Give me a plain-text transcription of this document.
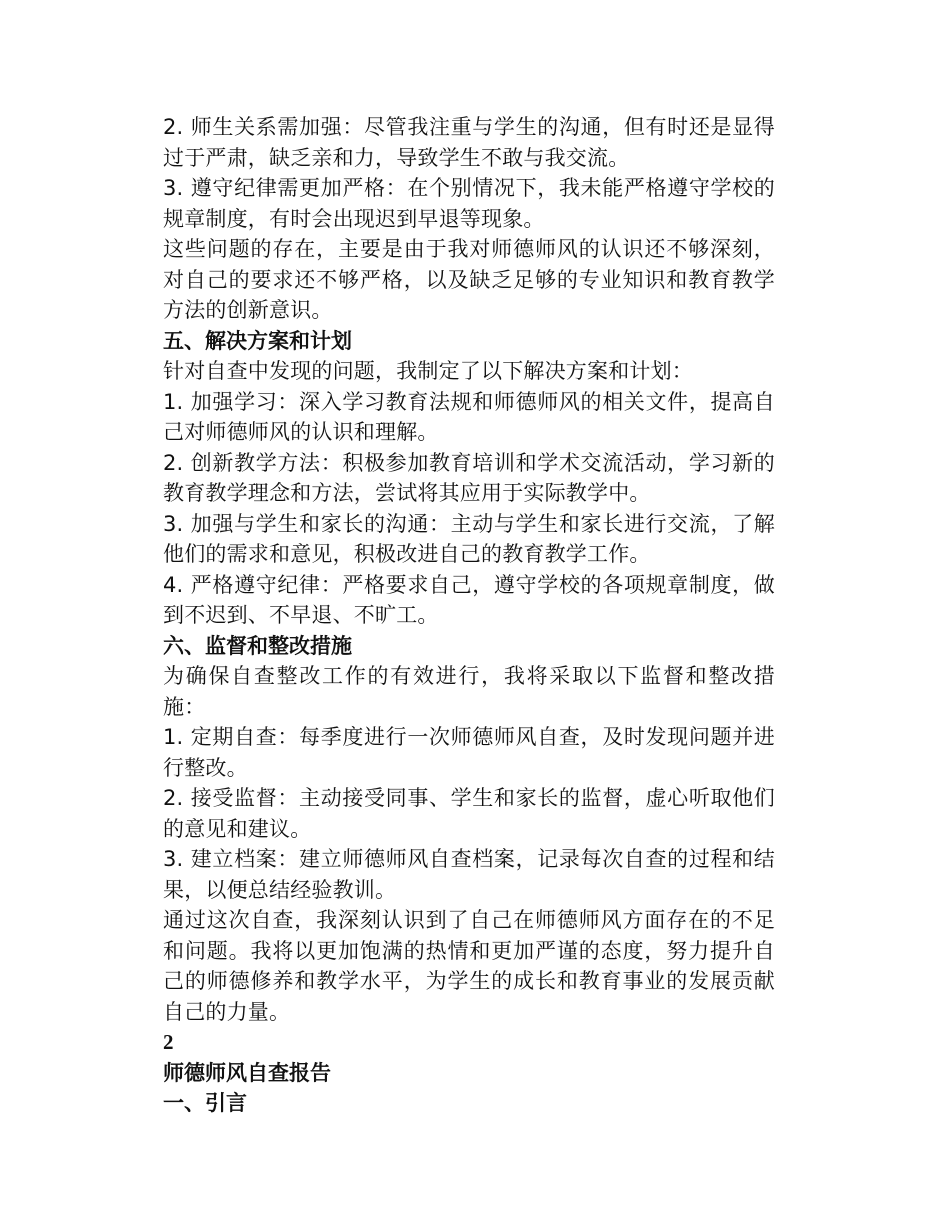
2. 师生关系需加强：尽管我注重与学生的沟通，但有时还是显得过于严肃，缺乏亲和力，导致学生不敢与我交流。

3. 遵守纪律需更加严格：在个别情况下，我未能严格遵守学校的规章制度，有时会出现迟到早退等现象。

这些问题的存在，主要是由于我对师德师风的认识还不够深刻，对自己的要求还不够严格，以及缺乏足够的专业知识和教育教学方法的创新意识。

五、解决方案和计划

针对自查中发现的问题，我制定了以下解决方案和计划：

1. 加强学习：深入学习教育法规和师德师风的相关文件，提高自己对师德师风的认识和理解。

2. 创新教学方法：积极参加教育培训和学术交流活动，学习新的教育教学理念和方法，尝试将其应用于实际教学中。

3. 加强与学生和家长的沟通：主动与学生和家长进行交流，了解他们的需求和意见，积极改进自己的教育教学工作。

4. 严格遵守纪律：严格要求自己，遵守学校的各项规章制度，做到不迟到、不早退、不旷工。

六、监督和整改措施

为确保自查整改工作的有效进行，我将采取以下监督和整改措施：

1. 定期自查：每季度进行一次师德师风自查，及时发现问题并进行整改。

2. 接受监督：主动接受同事、学生和家长的监督，虚心听取他们的意见和建议。

3. 建立档案：建立师德师风自查档案，记录每次自查的过程和结果，以便总结经验教训。

通过这次自查，我深刻认识到了自己在师德师风方面存在的不足和问题。我将以更加饱满的热情和更加严谨的态度，努力提升自己的师德修养和教学水平，为学生的成长和教育事业的发展贡献自己的力量。

2

师德师风自查报告

一、引言
